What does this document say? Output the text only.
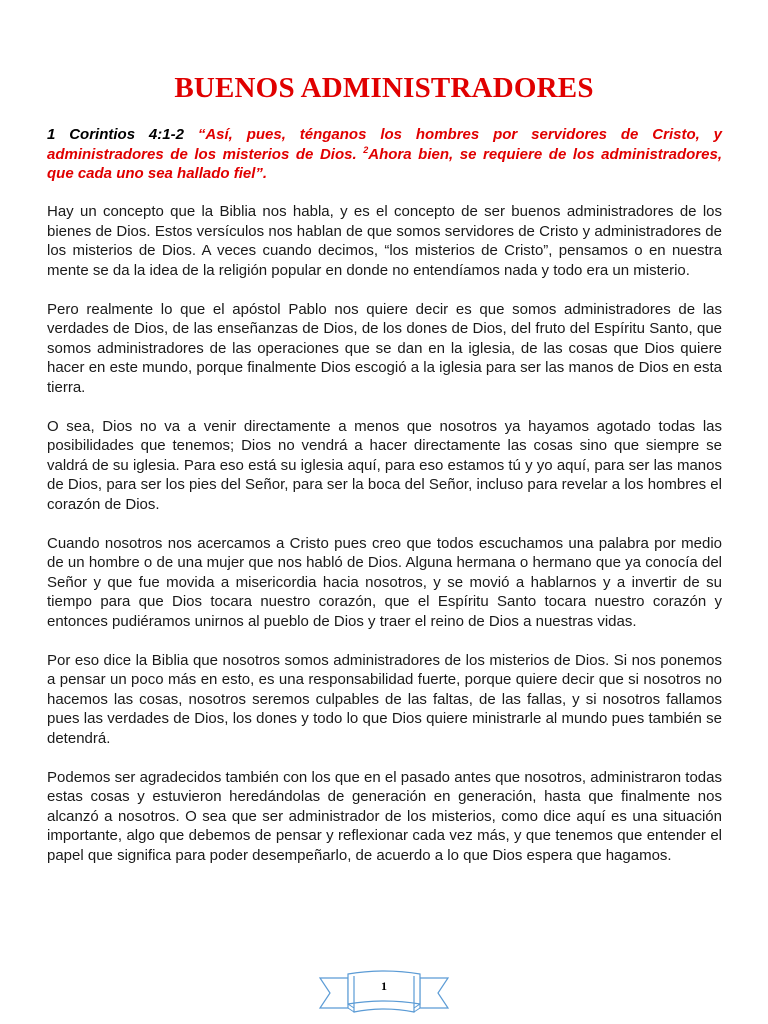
BUENOS ADMINISTRADORES

1 Corintios 4:1-2 “Así, pues, ténganos los hombres por servidores de Cristo, y administradores de los misterios de Dios. $^2$Ahora bien, se requiere de los administradores, que cada uno sea hallado fiel”.

Hay un concepto que la Biblia nos habla, y es el concepto de ser buenos administradores de los bienes de Dios. Estos versículos nos hablan de que somos servidores de Cristo y administradores de los misterios de Dios. A veces cuando decimos, “los misterios de Cristo”, pensamos o en nuestra mente se da la idea de la religión popular en donde no entendíamos nada y todo era un misterio.

Pero realmente lo que el apóstol Pablo nos quiere decir es que somos administradores de las verdades de Dios, de las enseñanzas de Dios, de los dones de Dios, del fruto del Espíritu Santo, que somos administradores de las operaciones que se dan en la iglesia, de las cosas que Dios quiere hacer en este mundo, porque finalmente Dios escogió a la iglesia para ser las manos de Dios en esta tierra.

O sea, Dios no va a venir directamente a menos que nosotros ya hayamos agotado todas las posibilidades que tenemos; Dios no vendrá a hacer directamente las cosas sino que siempre se valdrá de su iglesia. Para eso está su iglesia aquí, para eso estamos tú y yo aquí, para ser las manos de Dios, para ser los pies del Señor, para ser la boca del Señor, incluso para revelar a los hombres el corazón de Dios.

Cuando nosotros nos acercamos a Cristo pues creo que todos escuchamos una palabra por medio de un hombre o de una mujer que nos habló de Dios. Alguna hermana o hermano que ya conocía del Señor y que fue movida a misericordia hacia nosotros, y se movió a hablarnos y a invertir de su tiempo para que Dios tocara nuestro corazón, que el Espíritu Santo tocara nuestro corazón y entonces pudiéramos unirnos al pueblo de Dios y traer el reino de Dios a nuestras vidas.

Por eso dice la Biblia que nosotros somos administradores de los misterios de Dios. Si nos ponemos a pensar un poco más en esto, es una responsabilidad fuerte, porque quiere decir que si nosotros no hacemos las cosas, nosotros seremos culpables de las faltas, de las fallas, y si nosotros fallamos pues las verdades de Dios, los dones y todo lo que Dios quiere ministrarle al mundo pues también se detendrá.

Podemos ser agradecidos también con los que en el pasado antes que nosotros, administraron todas estas cosas y estuvieron heredándolas de generación en generación, hasta que finalmente nos alcanzó a nosotros. O sea que ser administrador de los misterios, como dice aquí es una situación importante, algo que debemos de pensar y reflexionar cada vez más, y que tenemos que entender el papel que significa para poder desempeñarlo, de acuerdo a lo que Dios espera que hagamos.

1
